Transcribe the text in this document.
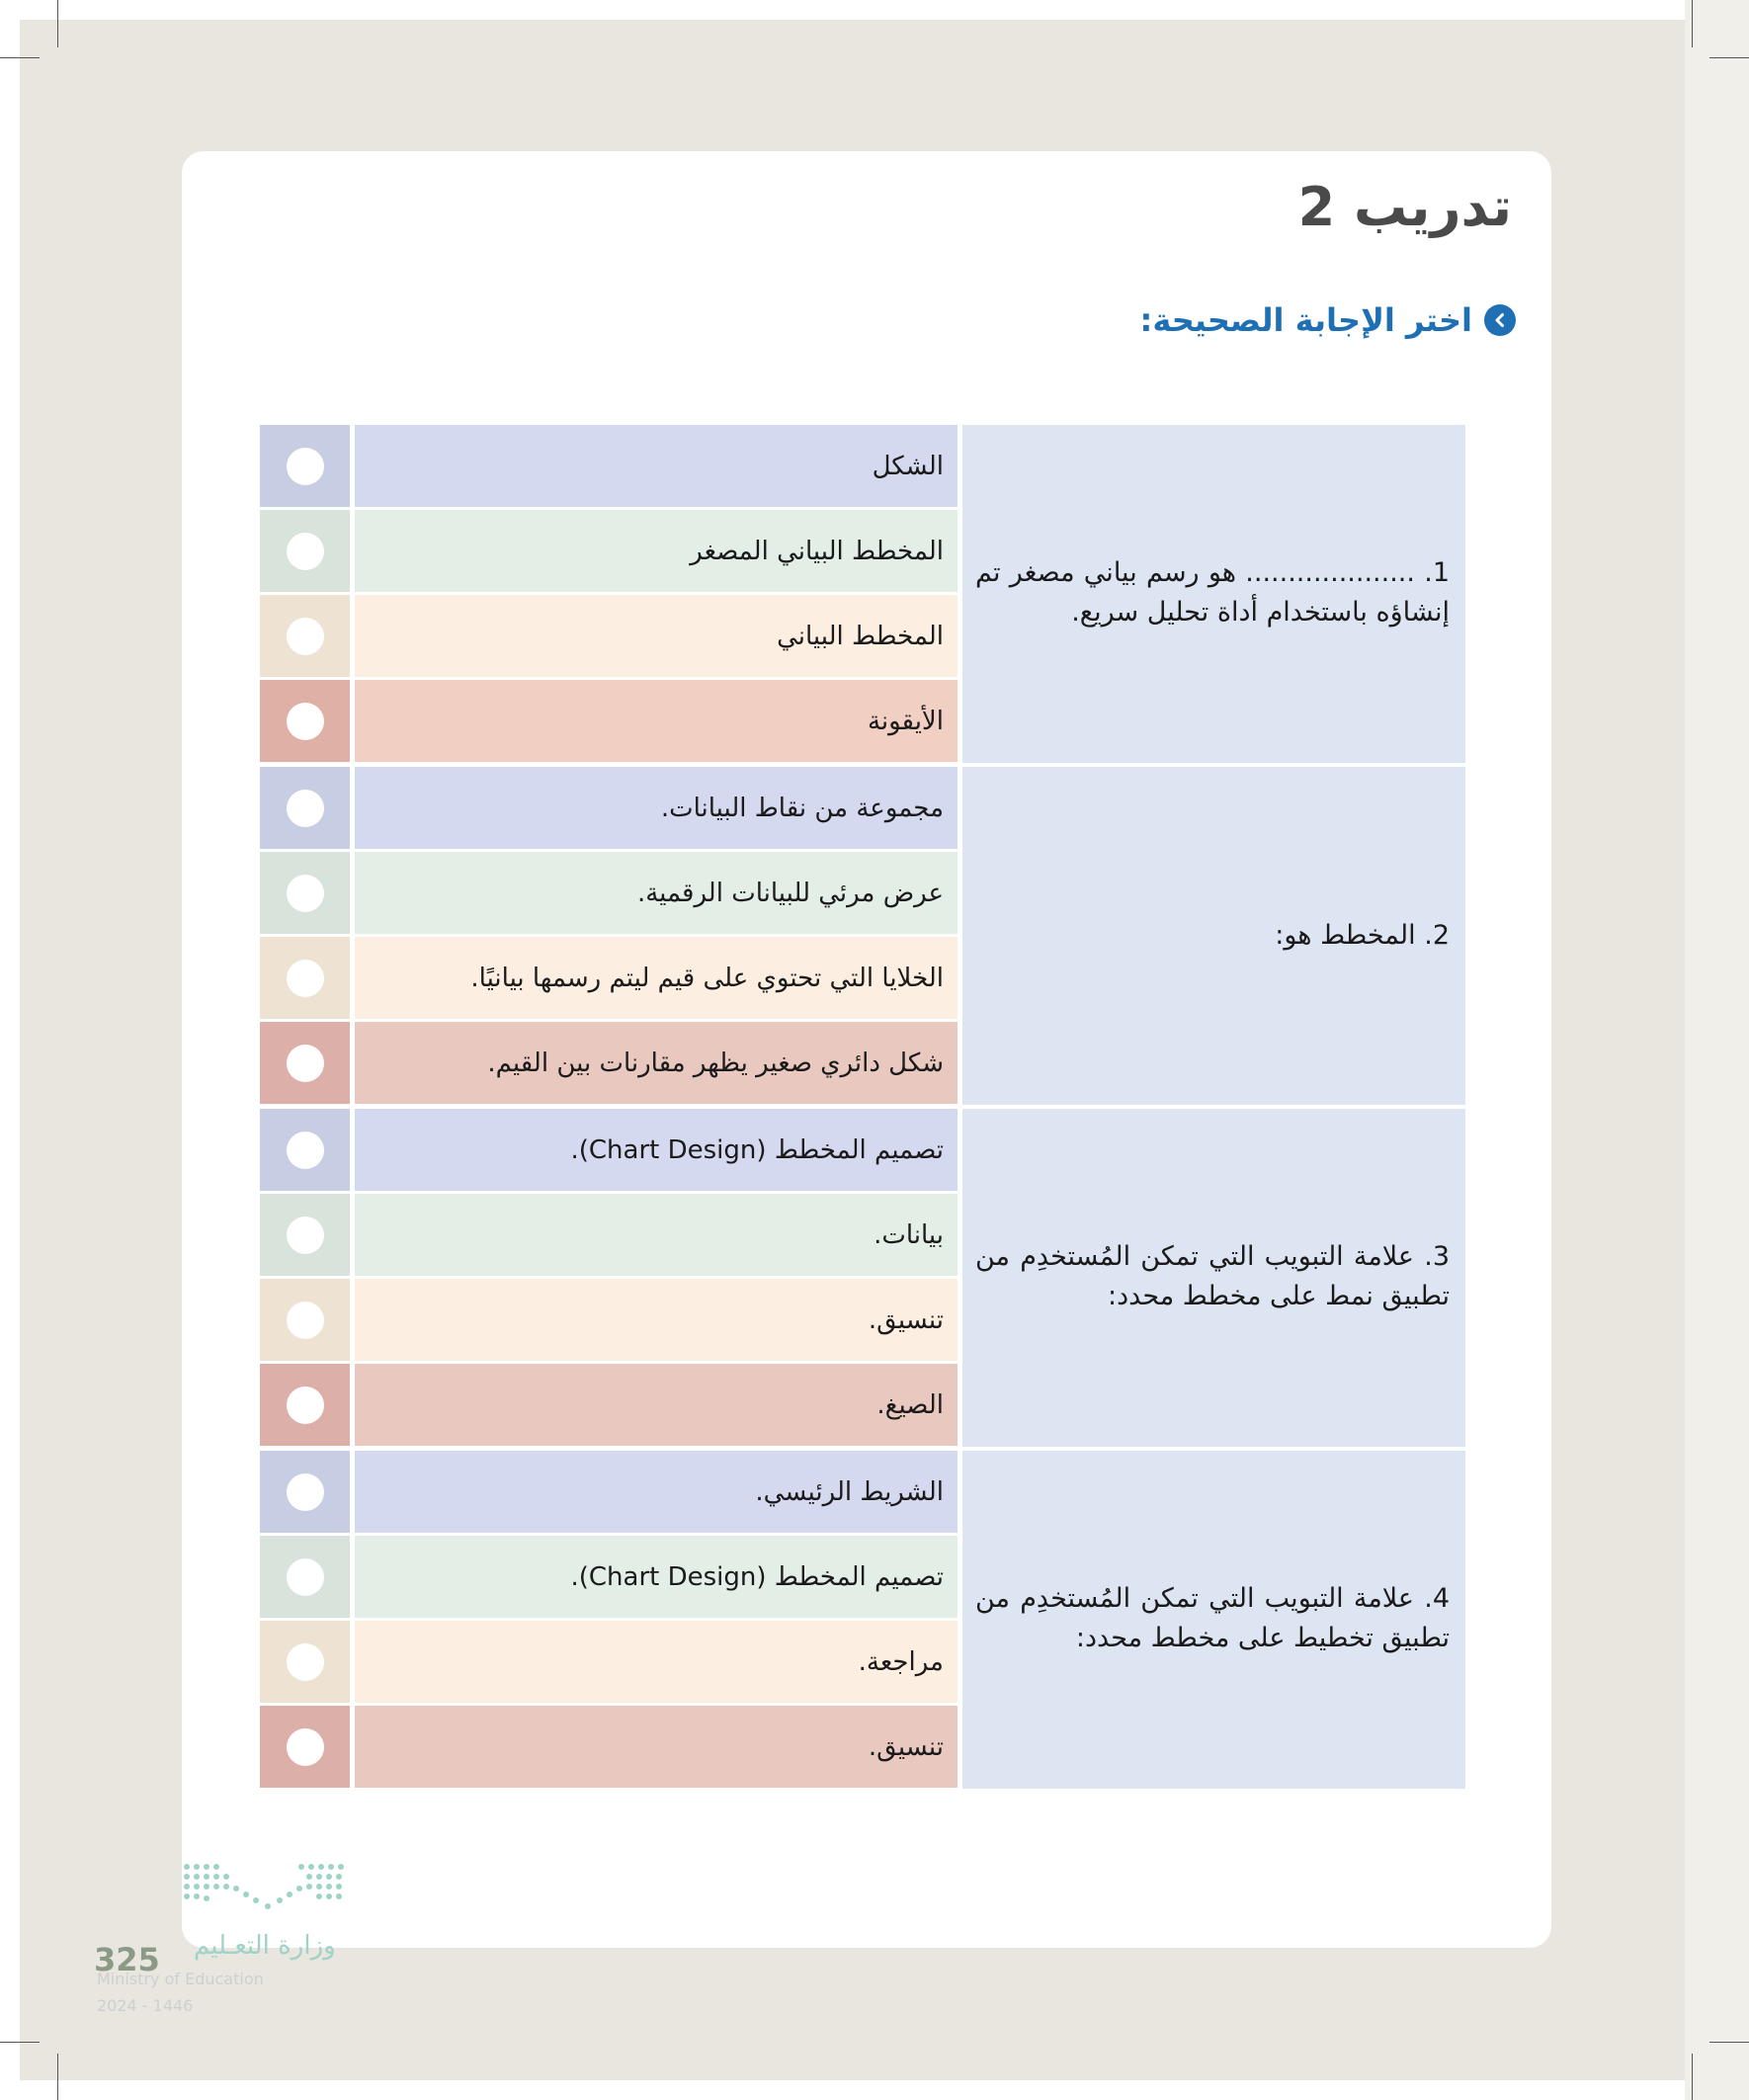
تدريب 2
اختر الإجابة الصحيحة:
1. .................... هو رسم بياني مصغر تم إنشاؤه باستخدام أداة تحليل سريع.
الشكل
المخطط البياني المصغر
المخطط البياني
الأيقونة
2. المخطط هو:
مجموعة من نقاط البيانات.
عرض مرئي للبيانات الرقمية.
الخلايا التي تحتوي على قيم ليتم رسمها بيانيًا.
شكل دائري صغير يظهر مقارنات بين القيم.
3. علامة التبويب التي تمكن المُستخدِم من تطبيق نمط على مخطط محدد:
تصميم المخطط (Chart Design).
بيانات.
تنسيق.
الصيغ.
4. علامة التبويب التي تمكن المُستخدِم من تطبيق تخطيط على مخطط محدد:
الشريط الرئيسي.
تصميم المخطط (Chart Design).
مراجعة.
تنسيق.
وزارة التعـليم
325
Ministry of Education
2024 - 1446
